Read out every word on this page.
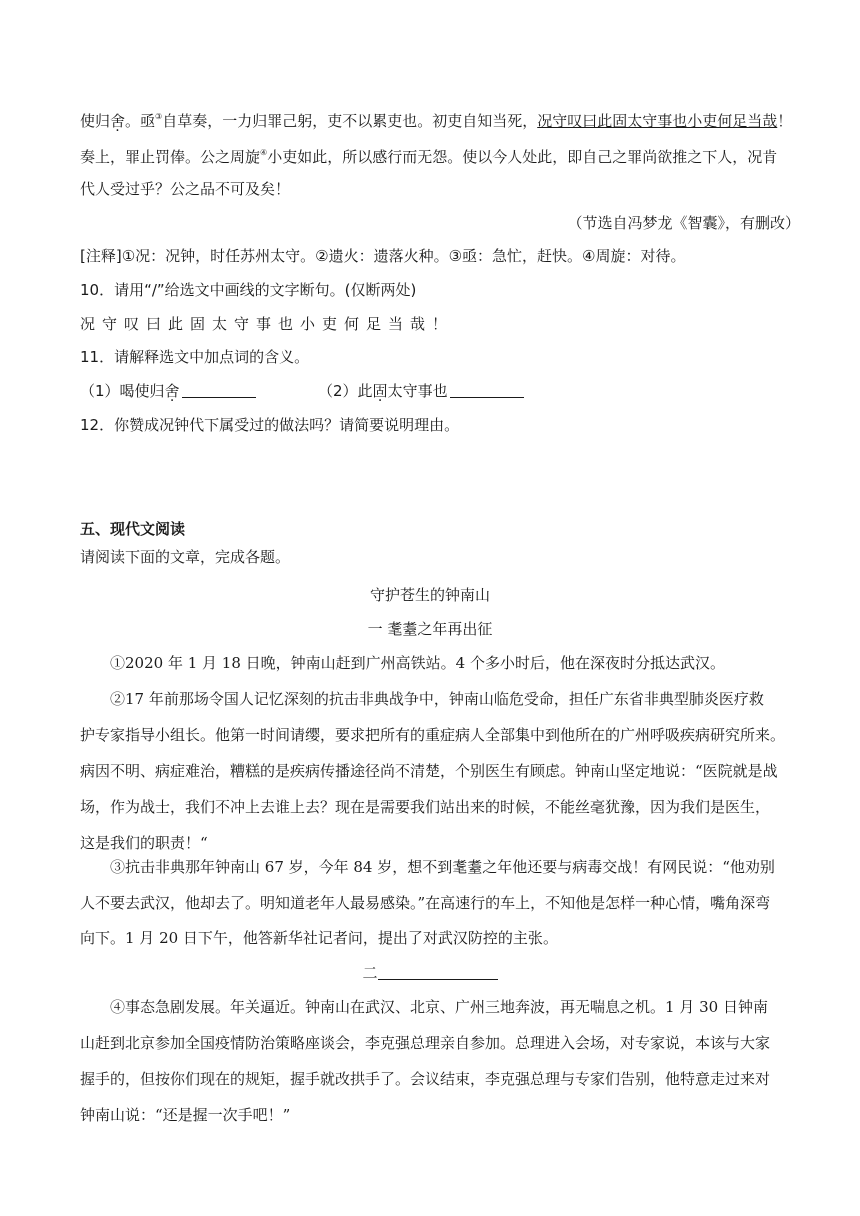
使归舍。亟③自草奏，一力归罪己躬，吏不以累吏也。初吏自知当死，况守叹曰此固太守事也小吏何足当哉！
奏上，罪止罚俸。公之周旋④小吏如此，所以感行而无怨。使以今人处此，即自己之罪尚欲推之下人，况肯
代人受过乎？公之品不可及矣！
（节选自冯梦龙《智囊》，有删改）
[注释]①况：况钟，时任苏州太守。②遗火：遗落火种。③亟：急忙，赶快。④周旋：对待。
10．请用“/”给选文中画线的文字断句。(仅断两处)
况守叹曰此固太守事也小吏何足当哉！
11．请解释选文中加点词的含义。
（1）喝使归舍	（2）此固太守事也
12．你赞成况钟代下属受过的做法吗？请简要说明理由。
五、现代文阅读
请阅读下面的文章，完成各题。
守护苍生的钟南山
一 耄耋之年再出征
①2020 年 1 月 18 日晚，钟南山赶到广州高铁站。4 个多小时后，他在深夜时分抵达武汉。
②17 年前那场令国人记忆深刻的抗击非典战争中，钟南山临危受命，担任广东省非典型肺炎医疗救
护专家指导小组长。他第一时间请缨，要求把所有的重症病人全部集中到他所在的广州呼吸疾病研究所来。
病因不明、病症难治，糟糕的是疾病传播途径尚不清楚，个别医生有顾虑。钟南山坚定地说：“医院就是战
场，作为战士，我们不冲上去谁上去？现在是需要我们站出来的时候，不能丝毫犹豫，因为我们是医生，
这是我们的职责！“
③抗击非典那年钟南山 67 岁，今年 84 岁，想不到耄耋之年他还要与病毒交战！有网民说：“他劝别
人不要去武汉，他却去了。明知道老年人最易感染。”在高速行的车上，不知他是怎样一种心情，嘴角深弯
向下。1 月 20 日下午，他答新华社记者问，提出了对武汉防控的主张。
二
④事态急剧发展。年关逼近。钟南山在武汉、北京、广州三地奔波，再无喘息之机。1 月 30 日钟南
山赶到北京参加全国疫情防治策略座谈会，李克强总理亲自参加。总理进入会场，对专家说，本该与大家
握手的，但按你们现在的规矩，握手就改拱手了。会议结束，李克强总理与专家们告别，他特意走过来对
钟南山说：“还是握一次手吧！”
